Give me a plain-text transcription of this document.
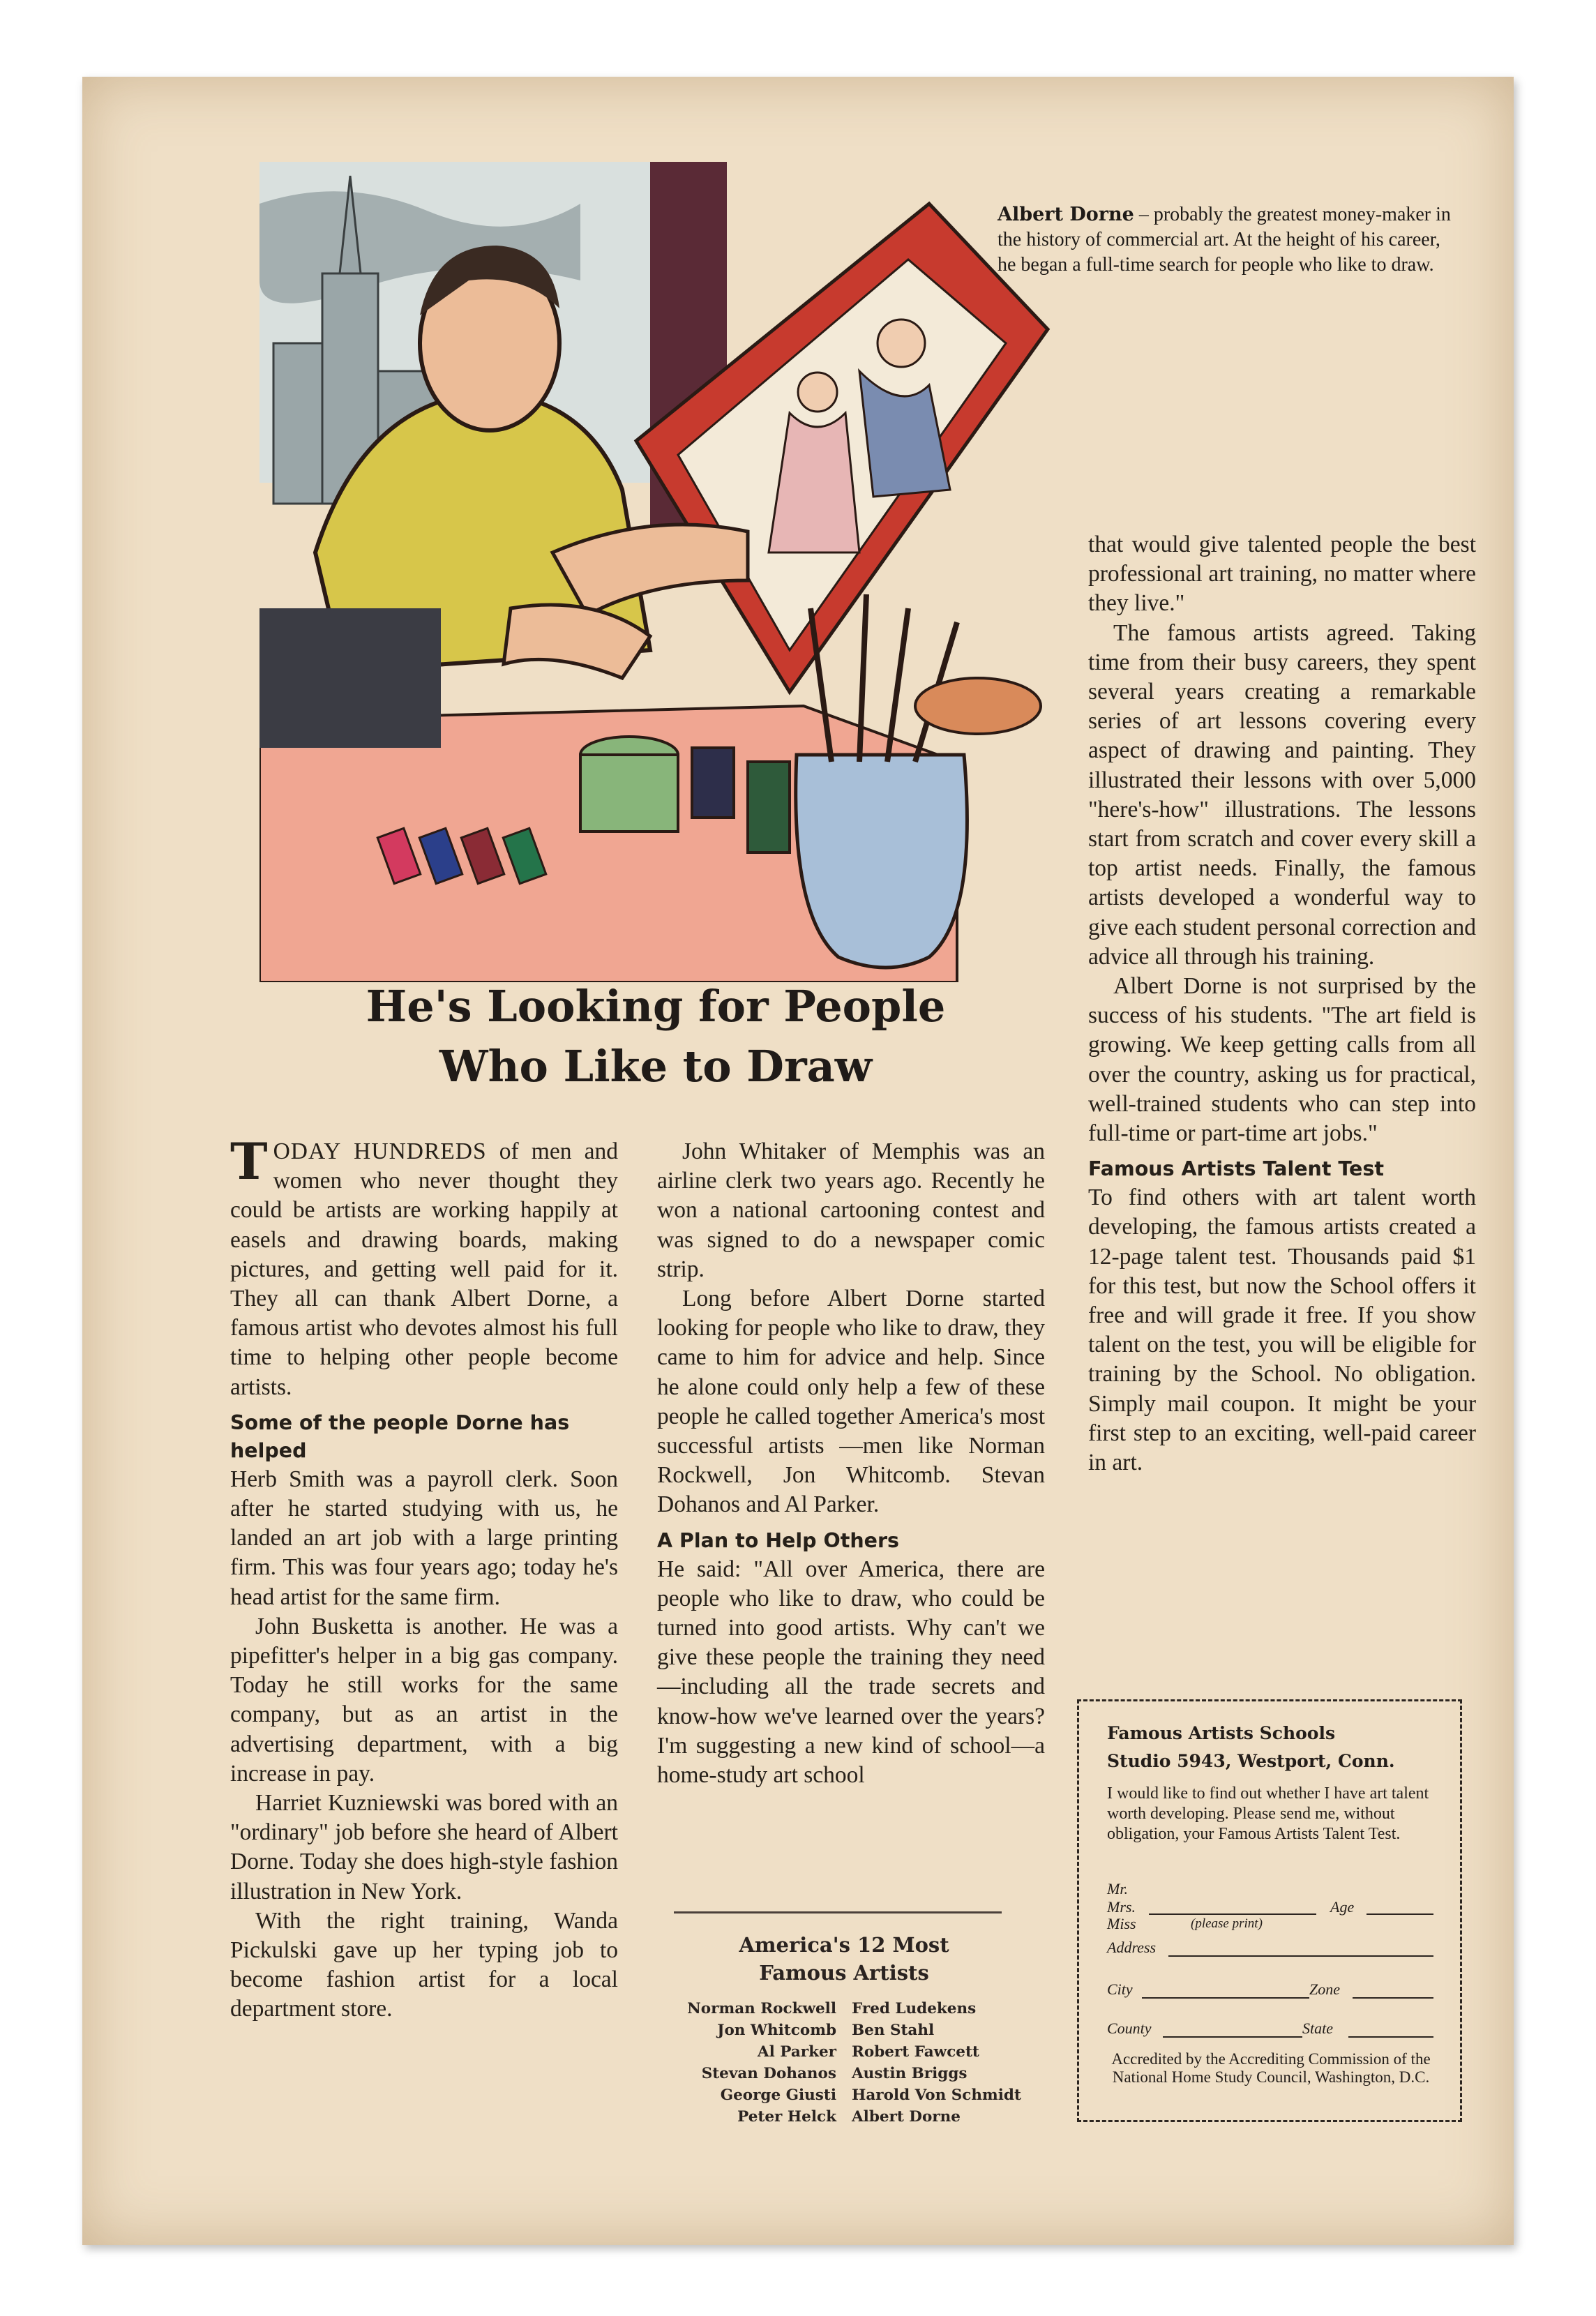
Albert Dorne – probably the greatest money-maker in the history of commercial art. At the height of his career, he began a full-time search for people who like to draw.
He's Looking for People
Who Like to Draw

TODAY HUNDREDS of men and women who never thought they could be artists are working happily at easels and drawing boards, making pictures, and getting well paid for it. They all can thank Albert Dorne, a famous artist who devotes almost his full time to helping other people become artists.

Some of the people Dorne has helped

Herb Smith was a payroll clerk. Soon after he started studying with us, he landed an art job with a large printing firm. This was four years ago; today he's head artist for the same firm.

John Busketta is another. He was a pipefitter's helper in a big gas company. Today he still works for the same company, but as an artist in the advertising department, with a big increase in pay.

Harriet Kuzniewski was bored with an "ordinary" job before she heard of Albert Dorne. Today she does high-style fashion illustration in New York.

With the right training, Wanda Pickulski gave up her typing job to become fashion artist for a local department store.

John Whitaker of Memphis was an airline clerk two years ago. Recently he won a national cartooning contest and was signed to do a newspaper comic strip.

Long before Albert Dorne started looking for people who like to draw, they came to him for advice and help. Since he alone could only help a few of these people he called together America's most successful artists —men like Norman Rockwell, Jon Whitcomb. Stevan Dohanos and Al Parker.

A Plan to Help Others

He said: "All over America, there are people who like to draw, who could be turned into good artists. Why can't we give these people the training they need—including all the trade secrets and know-how we've learned over the years? I'm suggesting a new kind of school—a home-study art school

America's 12 Most
Famous Artists
Norman Rockwell Fred Ludekens
Jon Whitcomb Ben Stahl
Al Parker Robert Fawcett
Stevan Dohanos Austin Briggs
George Giusti Harold Von Schmidt
Peter Helck Albert Dorne

that would give talented people the best professional art training, no matter where they live."

The famous artists agreed. Taking time from their busy careers, they spent several years creating a remarkable series of art lessons covering every aspect of drawing and painting. They illustrated their lessons with over 5,000 "here's-how" illustrations. The lessons start from scratch and cover every skill a top artist needs. Finally, the famous artists developed a wonderful way to give each student personal correction and advice all through his training.

Albert Dorne is not surprised by the success of his students. "The art field is growing. We keep getting calls from all over the country, asking us for practical, well-trained students who can step into full-time or part-time art jobs."

Famous Artists Talent Test

To find others with art talent worth developing, the famous artists created a 12-page talent test. Thousands paid $1 for this test, but now the School offers it free and will grade it free. If you show talent on the test, you will be eligible for training by the School. No obligation. Simply mail coupon. It might be your first step to an exciting, well-paid career in art.

Famous Artists Schools
Studio 5943, Westport, Conn.
I would like to find out whether I have art talent worth developing. Please send me, without obligation, your Famous Artists Talent Test.
Mr.
Mrs.
Miss
Age
(please print)
Address
City	Zone
County	State
Accredited by the Accrediting Commission of the National Home Study Council, Washington, D.C.
